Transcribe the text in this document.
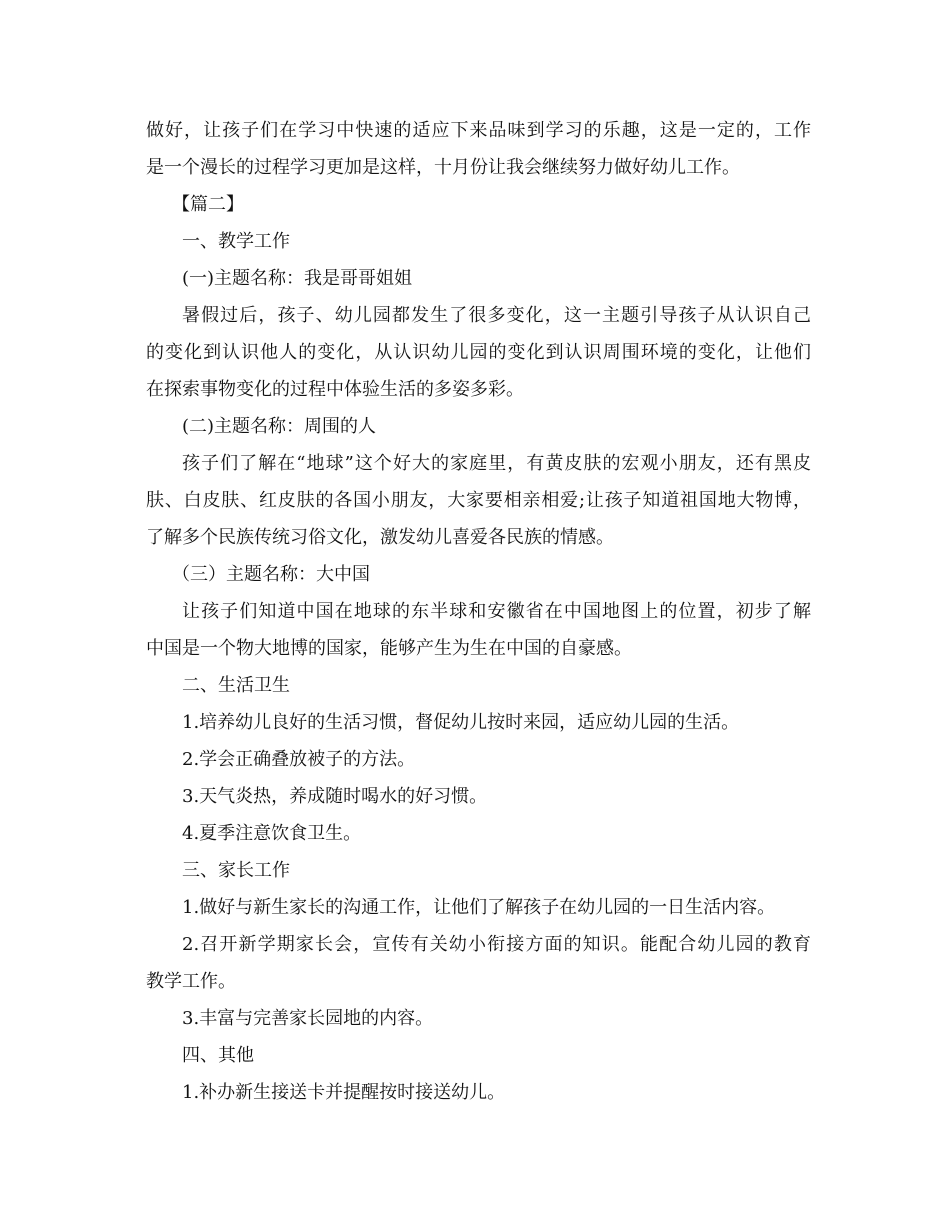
做好，让孩子们在学习中快速的适应下来品味到学习的乐趣，这是一定的，工作
是一个漫长的过程学习更加是这样，十月份让我会继续努力做好幼儿工作。
【篇二】
一、教学工作
(一)主题名称：我是哥哥姐姐
暑假过后，孩子、幼儿园都发生了很多变化，这一主题引导孩子从认识自己
的变化到认识他人的变化，从认识幼儿园的变化到认识周围环境的变化，让他们
在探索事物变化的过程中体验生活的多姿多彩。
(二)主题名称：周围的人
孩子们了解在“地球”这个好大的家庭里，有黄皮肤的宏观小朋友，还有黑皮
肤、白皮肤、红皮肤的各国小朋友，大家要相亲相爱;让孩子知道祖国地大物博，
了解多个民族传统习俗文化，激发幼儿喜爱各民族的情感。
（三）主题名称：大中国
让孩子们知道中国在地球的东半球和安徽省在中国地图上的位置，初步了解
中国是一个物大地博的国家，能够产生为生在中国的自豪感。
二、生活卫生
1.培养幼儿良好的生活习惯，督促幼儿按时来园，适应幼儿园的生活。
2.学会正确叠放被子的方法。
3.天气炎热，养成随时喝水的好习惯。
4.夏季注意饮食卫生。
三、家长工作
1.做好与新生家长的沟通工作，让他们了解孩子在幼儿园的一日生活内容。
2.召开新学期家长会，宣传有关幼小衔接方面的知识。能配合幼儿园的教育
教学工作。
3.丰富与完善家长园地的内容。
四、其他
1.补办新生接送卡并提醒按时接送幼儿。
